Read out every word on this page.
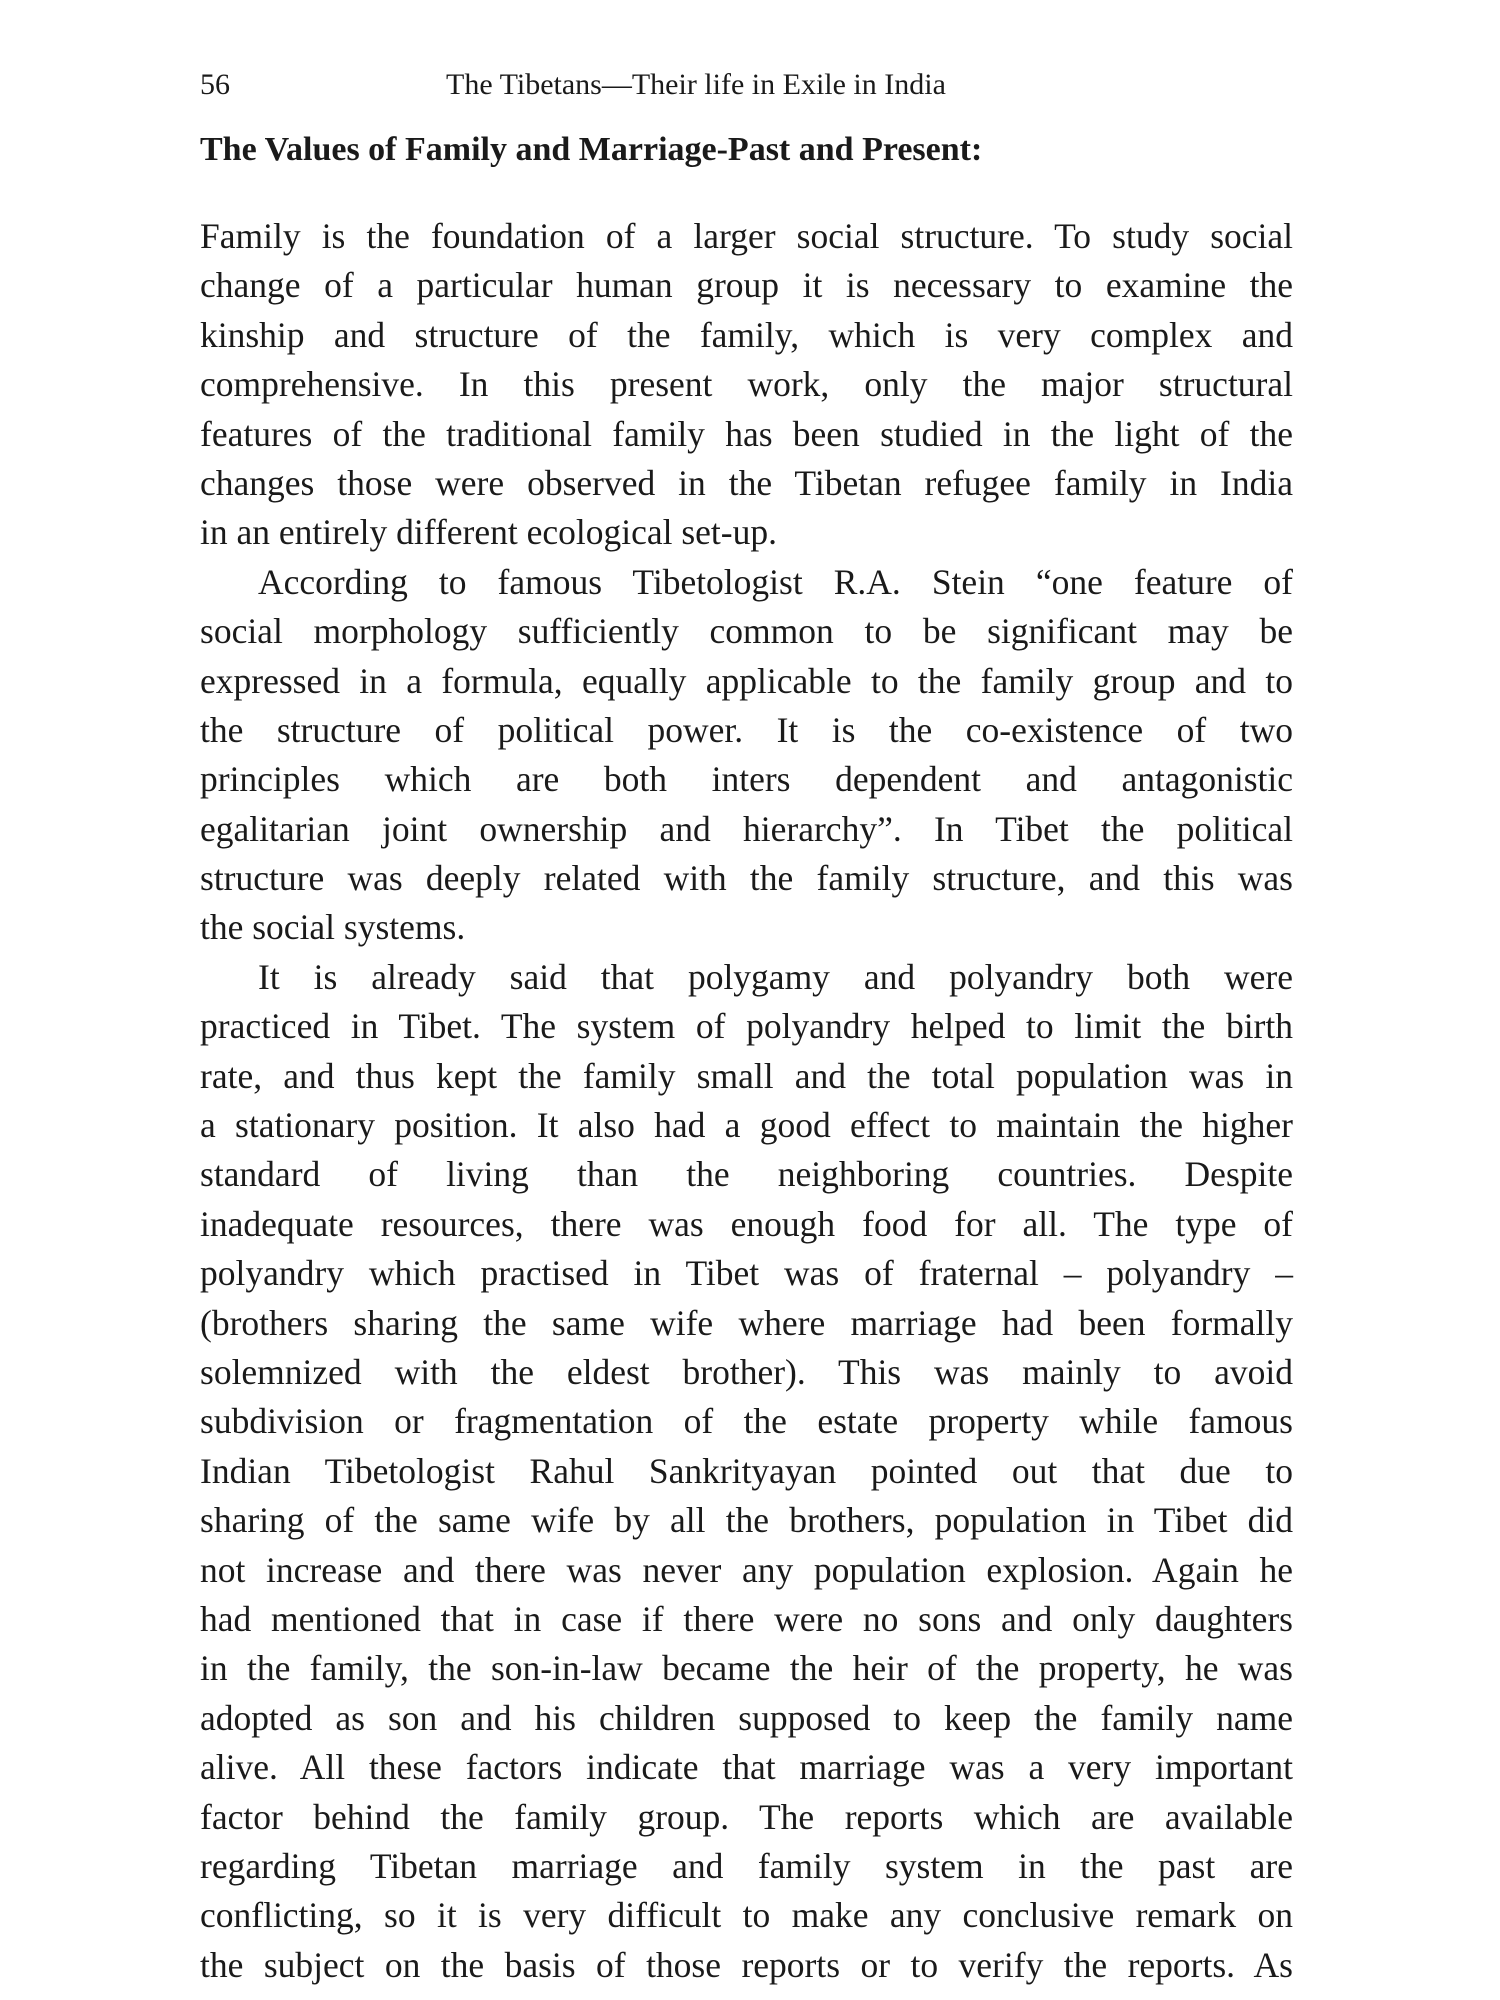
56	The Tibetans—Their life in Exile in India
The Values of Family and Marriage-Past and Present:
Family is the foundation of a larger social structure. To study social
change of a particular human group it is necessary to examine the
kinship and structure of the family, which is very complex and
comprehensive. In this present work, only the major structural
features of the traditional family has been studied in the light of the
changes those were observed in the Tibetan refugee family in India
in an entirely different ecological set-up.
According to famous Tibetologist R.A. Stein “one feature of
social morphology sufficiently common to be significant may be
expressed in a formula, equally applicable to the family group and to
the structure of political power. It is the co-existence of two
principles which are both inters dependent and antagonistic
egalitarian joint ownership and hierarchy”. In Tibet the political
structure was deeply related with the family structure, and this was
the social systems.
It is already said that polygamy and polyandry both were
practiced in Tibet. The system of polyandry helped to limit the birth
rate, and thus kept the family small and the total population was in
a stationary position. It also had a good effect to maintain the higher
standard of living than the neighboring countries. Despite
inadequate resources, there was enough food for all. The type of
polyandry which practised in Tibet was of fraternal – polyandry –
(brothers sharing the same wife where marriage had been formally
solemnized with the eldest brother). This was mainly to avoid
subdivision or fragmentation of the estate property while famous
Indian Tibetologist Rahul Sankrityayan pointed out that due to
sharing of the same wife by all the brothers, population in Tibet did
not increase and there was never any population explosion. Again he
had mentioned that in case if there were no sons and only daughters
in the family, the son-in-law became the heir of the property, he was
adopted as son and his children supposed to keep the family name
alive. All these factors indicate that marriage was a very important
factor behind the family group. The reports which are available
regarding Tibetan marriage and family system in the past are
conflicting, so it is very difficult to make any conclusive remark on
the subject on the basis of those reports or to verify the reports. As
